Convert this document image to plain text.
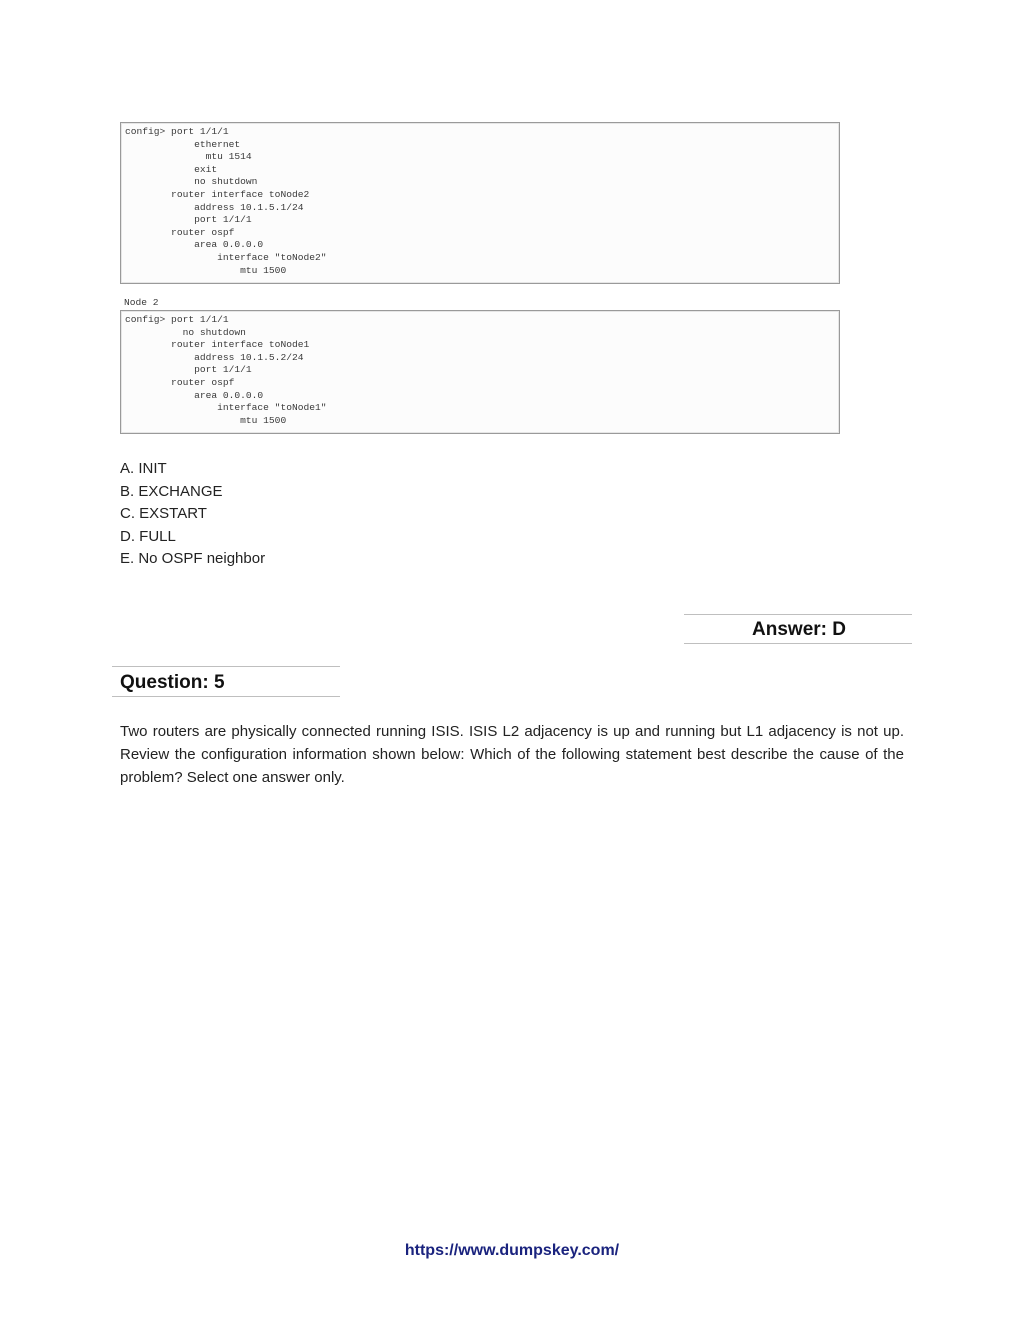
config> port 1/1/1
ethernet
mtu 1514
exit
no shutdown
router interface toNode2
address 10.1.5.1/24
port 1/1/1
router ospf
area 0.0.0.0
interface "toNode2"
mtu 1500
Node 2
config> port 1/1/1
no shutdown
router interface toNode1
address 10.1.5.2/24
port 1/1/1
router ospf
area 0.0.0.0
interface "toNode1"
mtu 1500
A. INIT
B. EXCHANGE
C. EXSTART
D. FULL
E. No OSPF neighbor
Answer: D
Question: 5

Two routers are physically connected running ISIS. ISIS L2 adjacency is up and running but L1 adjacency is not up. Review the configuration information shown below: Which of the following statement best describe the cause of the problem? Select one answer only.

https://www.dumpskey.com/
